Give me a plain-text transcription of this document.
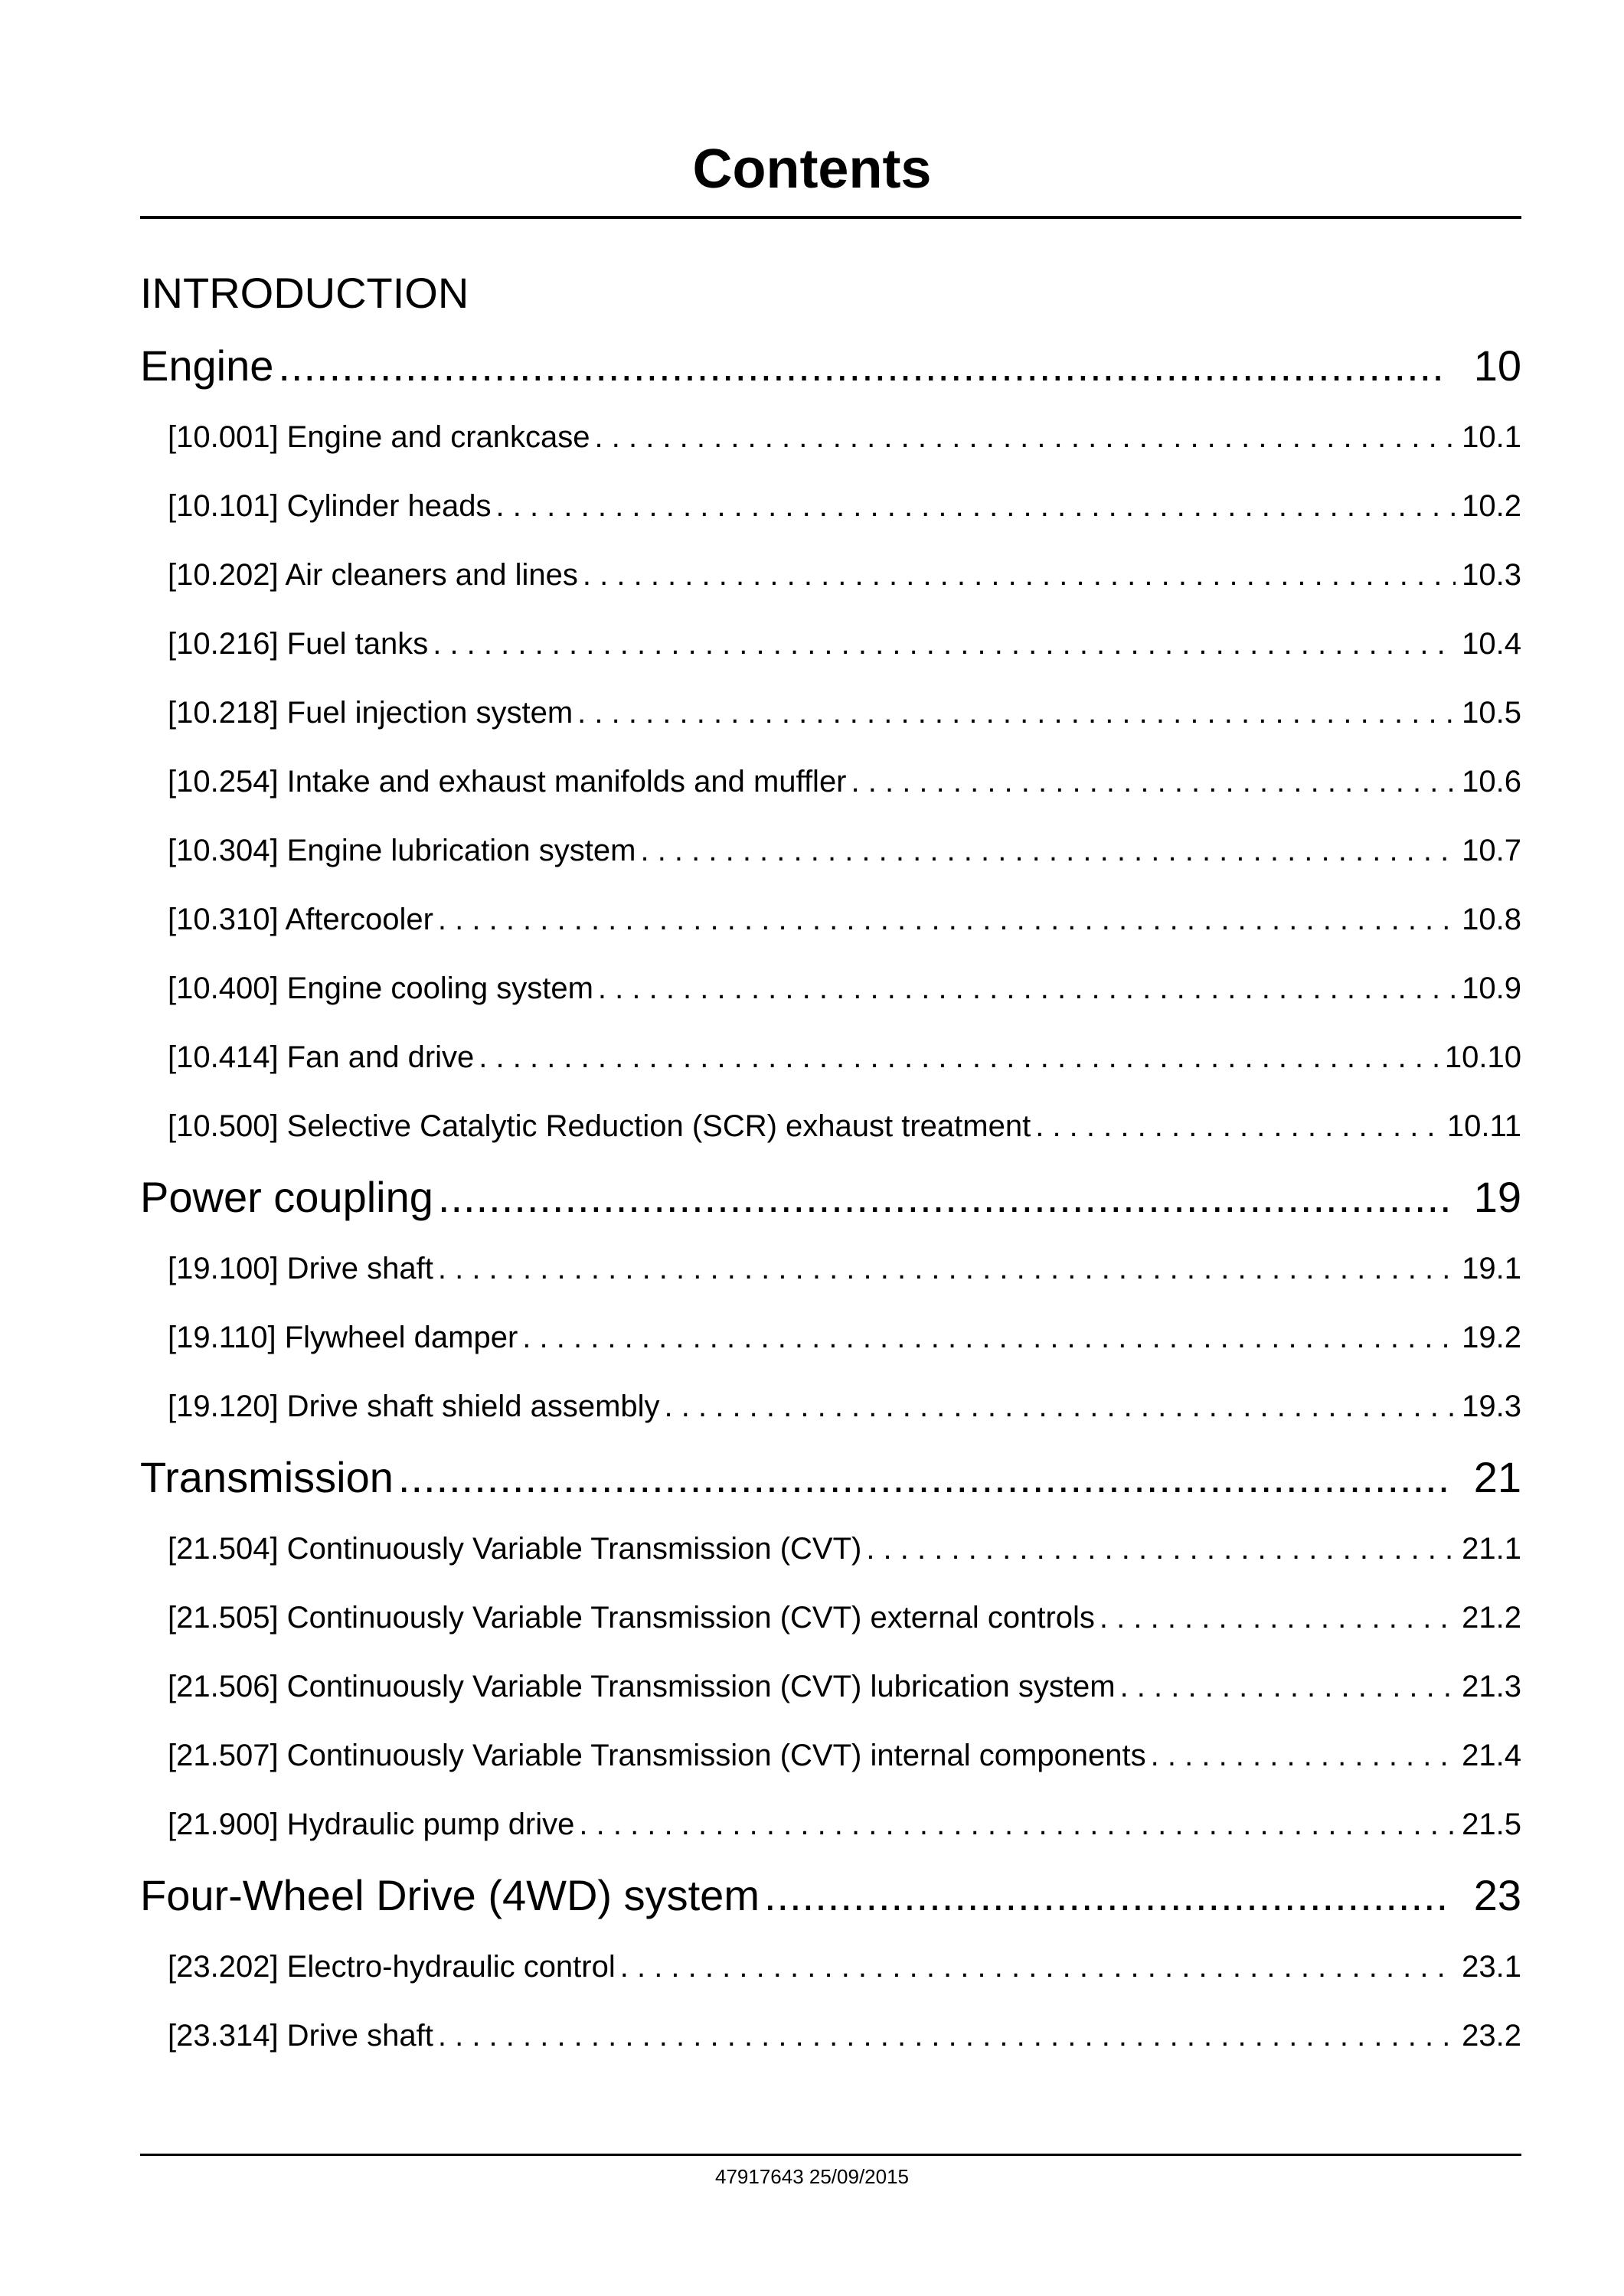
Contents
INTRODUCTION
Engine .....	10
[10.001] Engine and crankcase . . .	10.1
[10.101] Cylinder heads . . .	10.2
[10.202] Air cleaners and lines . . .	10.3
[10.216] Fuel tanks . . .	10.4
[10.218] Fuel injection system . . .	10.5
[10.254] Intake and exhaust manifolds and muffler . . .	10.6
[10.304] Engine lubrication system . . .	10.7
[10.310] Aftercooler . . .	10.8
[10.400] Engine cooling system . . .	10.9
[10.414] Fan and drive . . .	10.10
[10.500] Selective Catalytic Reduction (SCR) exhaust treatment . . .	10.11
Power coupling .....	19
[19.100] Drive shaft . . .	19.1
[19.110] Flywheel damper . . .	19.2
[19.120] Drive shaft shield assembly . . .	19.3
Transmission .....	21
[21.504] Continuously Variable Transmission (CVT) . . .	21.1
[21.505] Continuously Variable Transmission (CVT) external controls . . .	21.2
[21.506] Continuously Variable Transmission (CVT) lubrication system . . .	21.3
[21.507] Continuously Variable Transmission (CVT) internal components . . .	21.4
[21.900] Hydraulic pump drive . . .	21.5
Four-Wheel Drive (4WD) system .....	23
[23.202] Electro-hydraulic control . . .	23.1
[23.314] Drive shaft . . .	23.2
47917643 25/09/2015
